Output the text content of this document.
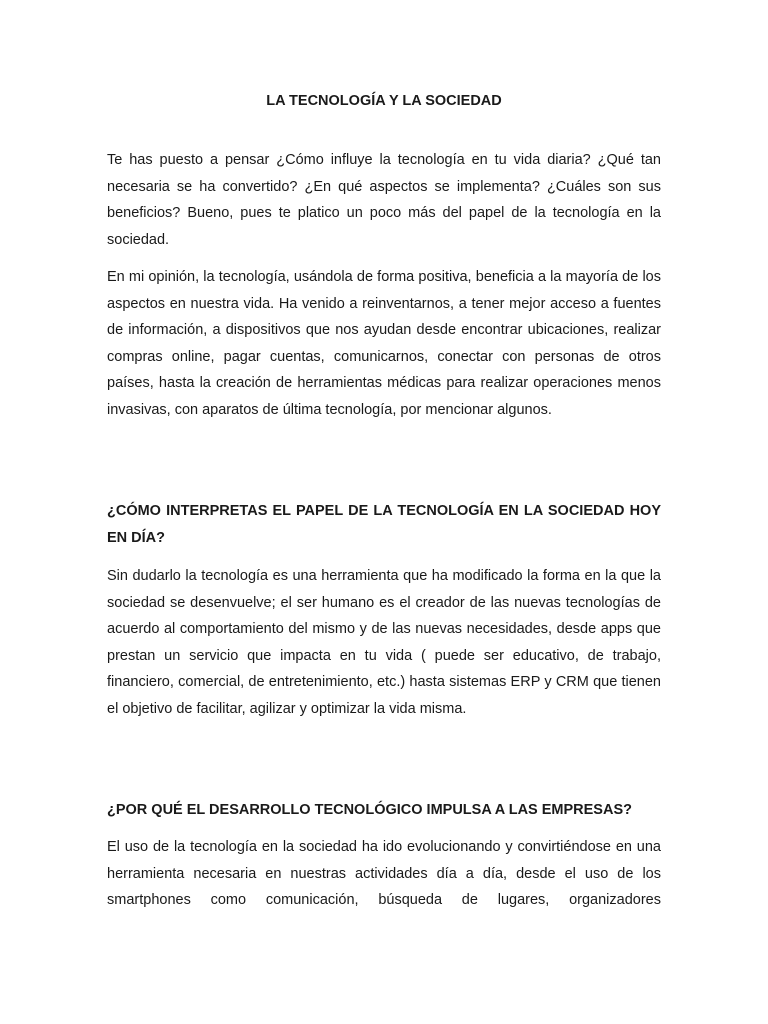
LA TECNOLOGÍA Y LA SOCIEDAD

Te has puesto a pensar ¿Cómo influye la tecnología en tu vida diaria? ¿Qué tan necesaria se ha convertido? ¿En qué aspectos se implementa? ¿Cuáles son sus beneficios? Bueno, pues te platico un poco más del papel de la tecnología en la sociedad.

En mi opinión, la tecnología, usándola de forma positiva, beneficia a la mayoría de los aspectos en nuestra vida. Ha venido a reinventarnos, a tener mejor acceso a fuentes de información, a dispositivos que nos ayudan desde encontrar ubicaciones, realizar compras online, pagar cuentas, comunicarnos, conectar con personas de otros países, hasta la creación de herramientas médicas para realizar operaciones menos invasivas, con aparatos de última tecnología, por mencionar algunos.

¿CÓMO INTERPRETAS EL PAPEL DE LA TECNOLOGÍA EN LA SOCIEDAD HOY EN DÍA?

Sin dudarlo la tecnología es una herramienta que ha modificado la forma en la que la sociedad se desenvuelve; el ser humano es el creador de las nuevas tecnologías de acuerdo al comportamiento del mismo y de las nuevas necesidades, desde apps que prestan un servicio que impacta en tu vida ( puede ser educativo, de trabajo, financiero, comercial, de entretenimiento, etc.) hasta sistemas ERP y CRM que tienen el objetivo de facilitar, agilizar y optimizar la vida misma.

¿POR QUÉ EL DESARROLLO TECNOLÓGICO IMPULSA A LAS EMPRESAS?

El uso de la tecnología en la sociedad ha ido evolucionando y convirtiéndose en una herramienta necesaria en nuestras actividades día a día, desde el uso de los smartphones como comunicación, búsqueda de lugares, organizadores
